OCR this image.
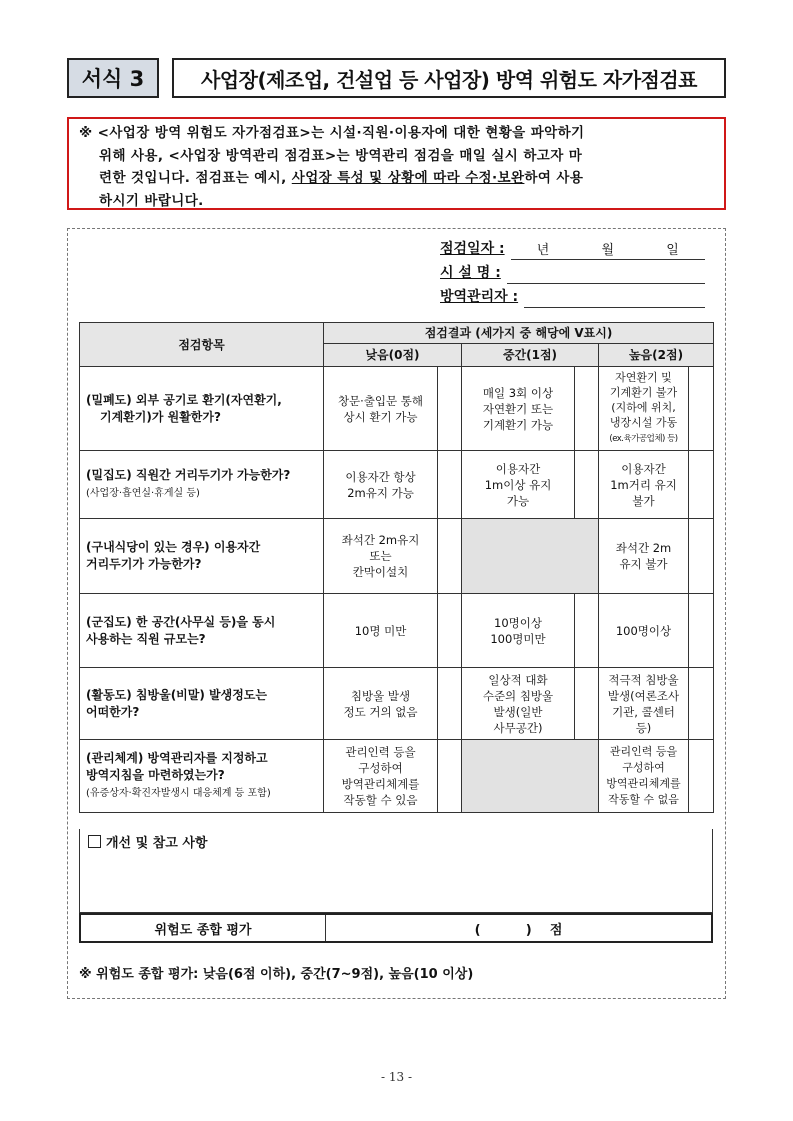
서식 3	사업장(제조업, 건설업 등 사업장) 방역 위험도 자가점검표
※ <사업장 방역 위험도 자가점검표>는 시설·직원·이용자에 대한 현황을 파악하기
위해 사용, <사업장 방역관리 점검표>는 방역관리 점검을 매일 실시 하고자 마
련한 것입니다. 점검표는 예시, 사업장 특성 및 상황에 따라 수정·보완하여 사용
하시기 바랍니다.
점검일자 : 년	월	일
시 설 명 :
방역관리자 :
점검항목	점검결과 (세가지 중 해당에 V표시)					
	낮음(0점)		중간(1점)		높음(2점)	
(밀폐도) 외부 공기로 환기(자연환기,
기계환기)가 원활한가?	창문·출입문 통해
상시 환기 가능		매일 3회 이상
자연환기 또는
기계환기 가능		자연환기 및
기계환기 불가
(지하에 위치,
냉장시설 가동
(ex.육가공업체) 등)	
(밀집도) 직원간 거리두기가 가능한가?
(사업장·흡연실·휴게실 등)	이용자간 항상
2m유지 가능		이용자간
1m이상 유지
가능		이용자간
1m거리 유지
불가	
(구내식당이 있는 경우) 이용자간
거리두기가 가능한가?	좌석간 2m유지
또는
칸막이설치				좌석간 2m
유지 불가	
(군집도) 한 공간(사무실 등)을 동시
사용하는 직원 규모는?	10명 미만		10명이상
100명미만		100명이상	
(활동도) 침방울(비말) 발생정도는
어떠한가?	침방울 발생
정도 거의 없음		일상적 대화
수준의 침방울
발생(일반
사무공간)		적극적 침방울
발생(여론조사
기관, 콜센터
등)	
(관리체계) 방역관리자를 지정하고
방역지침을 마련하였는가?
(유증상자·확진자발생시 대응체계 등 포함)	관리인력 등을
구성하여
방역관리체계를
작동할 수 있음				관리인력 등을
구성하여
방역관리체계를
작동할 수 없음	
개선 및 참고 사항
위험도 종합 평가	(          )    점
※ 위험도 종합 평가: 낮음(6점 이하), 중간(7~9점), 높음(10 이상)
- 13 -
